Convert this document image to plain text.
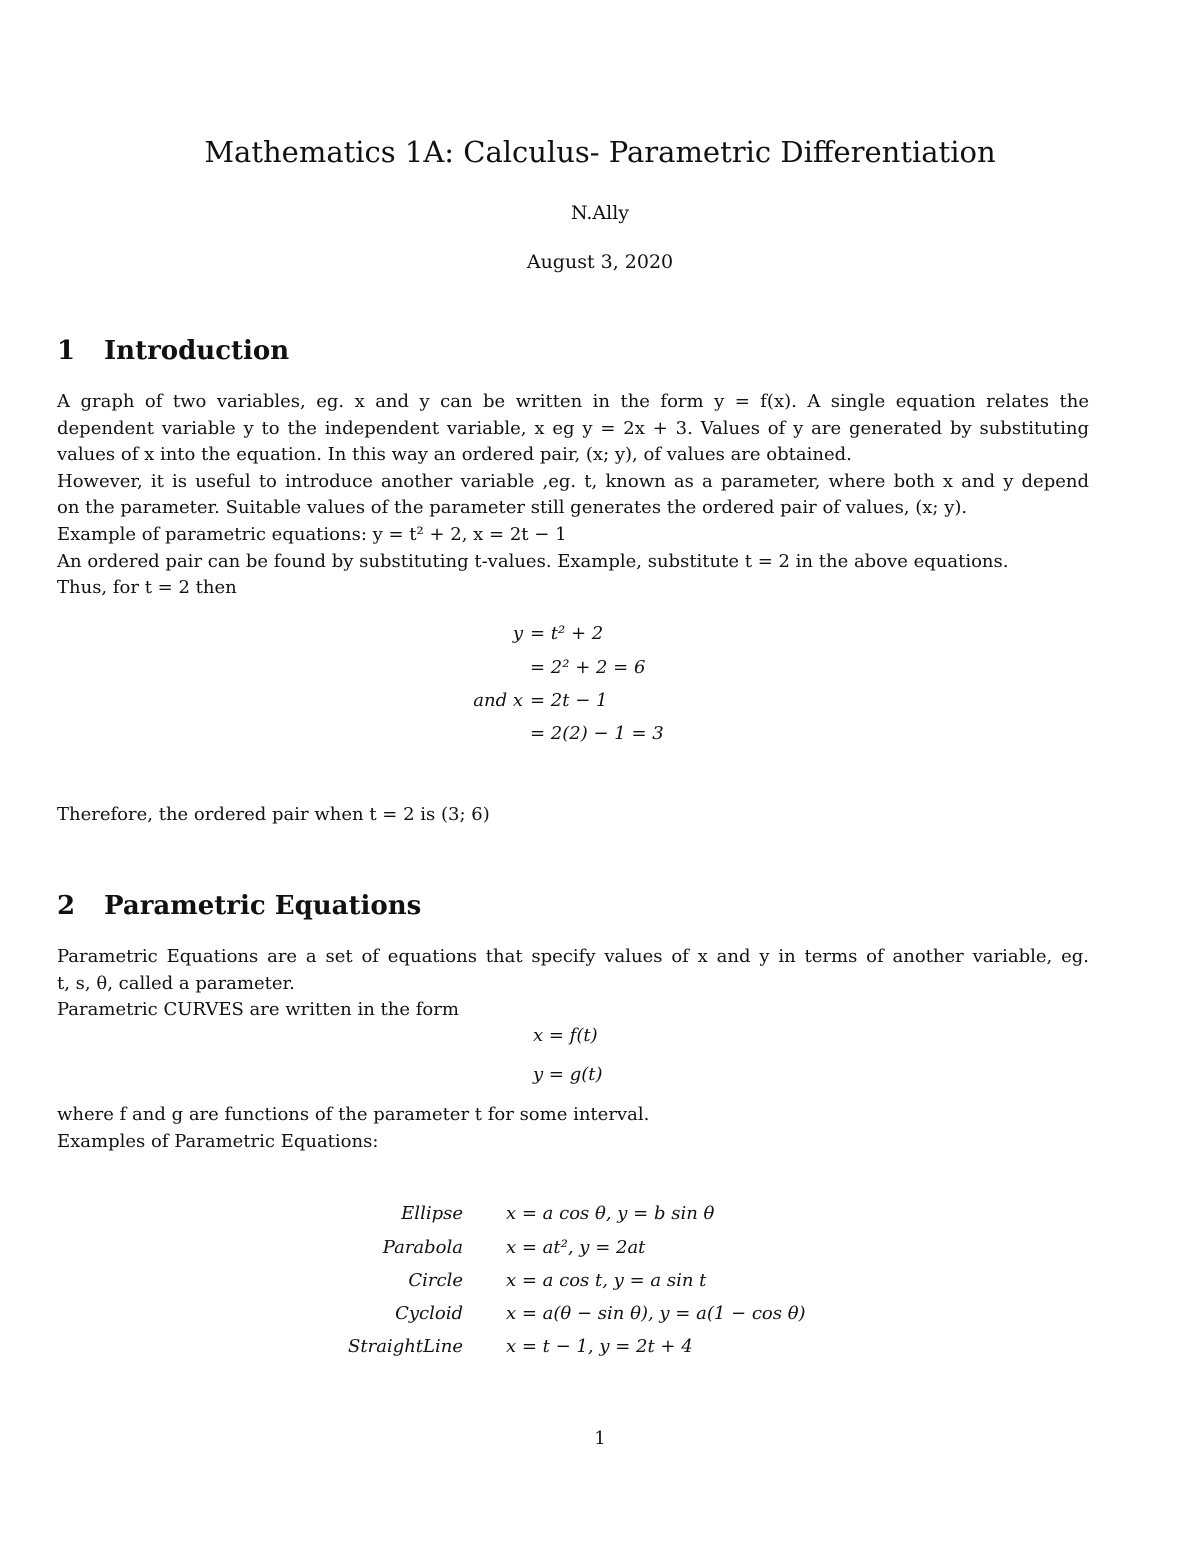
Mathematics 1A: Calculus- Parametric Differentiation
N.Ally
August 3, 2020
1 Introduction
A graph of two variables, eg. x and y can be written in the form y = f(x). A single equation relates the
dependent variable y to the independent variable, x eg y = 2x + 3. Values of y are generated by substituting
values of x into the equation. In this way an ordered pair, (x; y), of values are obtained.
However, it is useful to introduce another variable ,eg. t, known as a parameter, where both x and y depend
on the parameter. Suitable values of the parameter still generates the ordered pair of values, (x; y).
Example of parametric equations: y = t² + 2, x = 2t − 1
An ordered pair can be found by substituting t-values. Example, substitute t = 2 in the above equations.
Thus, for t = 2 then
y = t² + 2
= 2² + 2 = 6
and x = 2t − 1
= 2(2) − 1 = 3
Therefore, the ordered pair when t = 2 is (3; 6)
2 Parametric Equations
Parametric Equations are a set of equations that specify values of x and y in terms of another variable, eg.
t, s, θ, called a parameter.
Parametric CURVES are written in the form
x = f(t)
y = g(t)
where f and g are functions of the parameter t for some interval.
Examples of Parametric Equations:
Ellipse x = a cos θ, y = b sin θ
Parabola x = at², y = 2at
Circle x = a cos t, y = a sin t
Cycloid x = a(θ − sin θ), y = a(1 − cos θ)
StraightLine x = t − 1, y = 2t + 4
1
